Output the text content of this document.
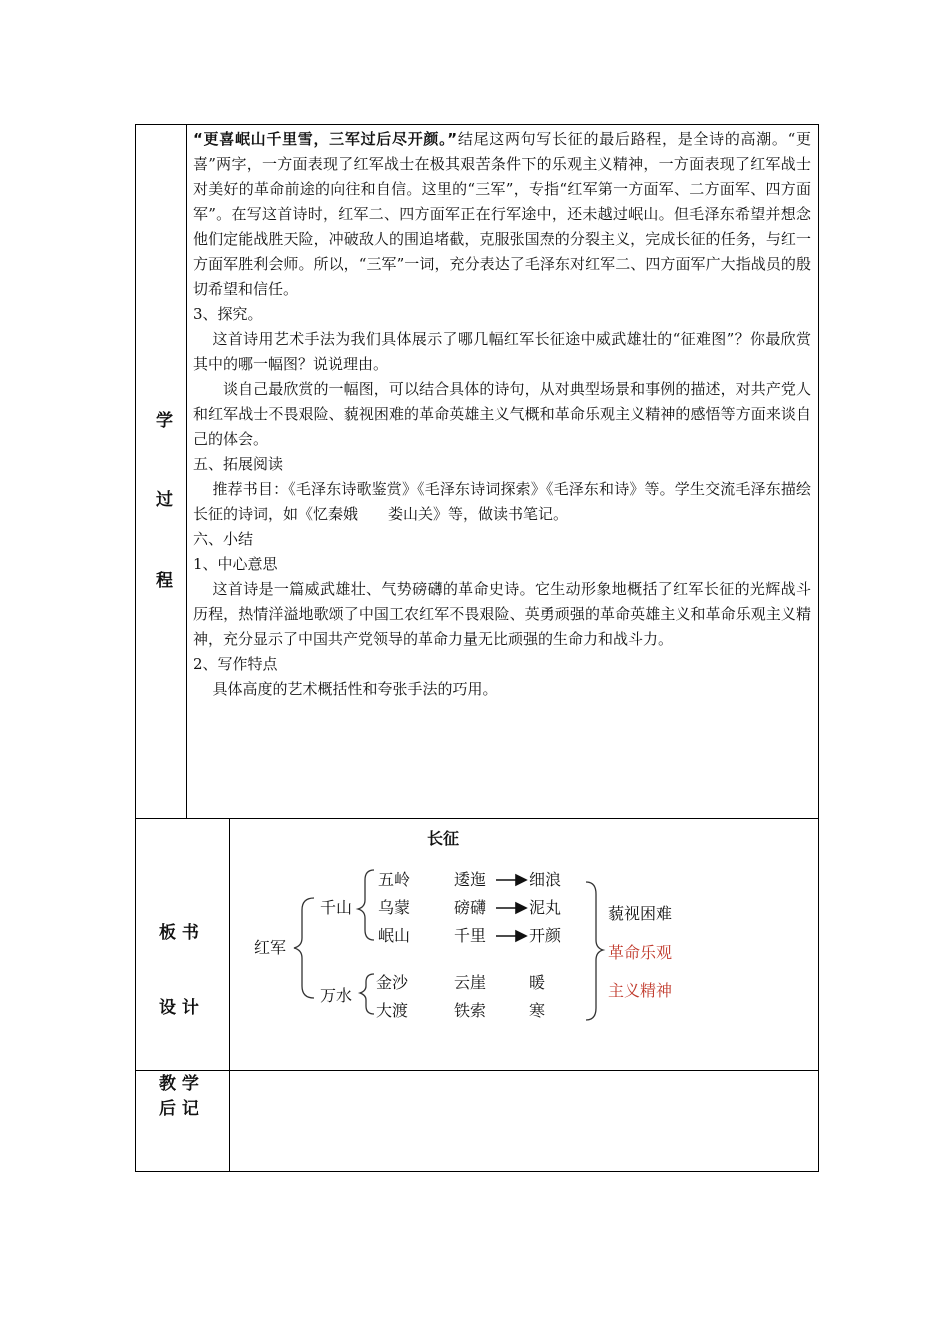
学
过
程
板 书
设 计
教 学
后 记

“更喜岷山千里雪，三军过后尽开颜。”结尾这两句写长征的最后路程，是全诗的高潮。“更喜”两字，一方面表现了红军战士在极其艰苦条件下的乐观主义精神，一方面表现了红军战士对美好的革命前途的向往和自信。这里的“三军”，专指“红军第一方面军、二方面军、四方面军”。在写这首诗时，红军二、四方面军正在行军途中，还未越过岷山。但毛泽东希望并想念他们定能战胜天险，冲破敌人的围追堵截，克服张国焘的分裂主义，完成长征的任务，与红一方面军胜利会师。所以，“三军”一词，充分表达了毛泽东对红军二、四方面军广大指战员的殷切希望和信任。

3、探究。

这首诗用艺术手法为我们具体展示了哪几幅红军长征途中威武雄壮的“征难图”？你最欣赏其中的哪一幅图？说说理由。

谈自己最欣赏的一幅图，可以结合具体的诗句，从对典型场景和事例的描述，对共产党人和红军战士不畏艰险、藐视困难的革命英雄主义气概和革命乐观主义精神的感悟等方面来谈自己的体会。

五、拓展阅读

推荐书目：《毛泽东诗歌鉴赏》《毛泽东诗词探索》《毛泽东和诗》等。学生交流毛泽东描绘长征的诗词，如《忆秦娥　　娄山关》等，做读书笔记。

六、小结

1、中心意思

这首诗是一篇威武雄壮、气势磅礴的革命史诗。它生动形象地概括了红军长征的光辉战斗历程，热情洋溢地歌颂了中国工农红军不畏艰险、英勇顽强的革命英雄主义和革命乐观主义精神，充分显示了中国共产党领导的革命力量无比顽强的生命力和战斗力。

2、写作特点

具体高度的艺术概括性和夸张手法的巧用。

长征
红军
千山
万水
五岭
乌蒙
岷山
逶迤
磅礴
千里
细浪
泥丸
开颜
金沙
大渡
云崖
铁索
暖
寒
藐视困难
革命乐观
主义精神
